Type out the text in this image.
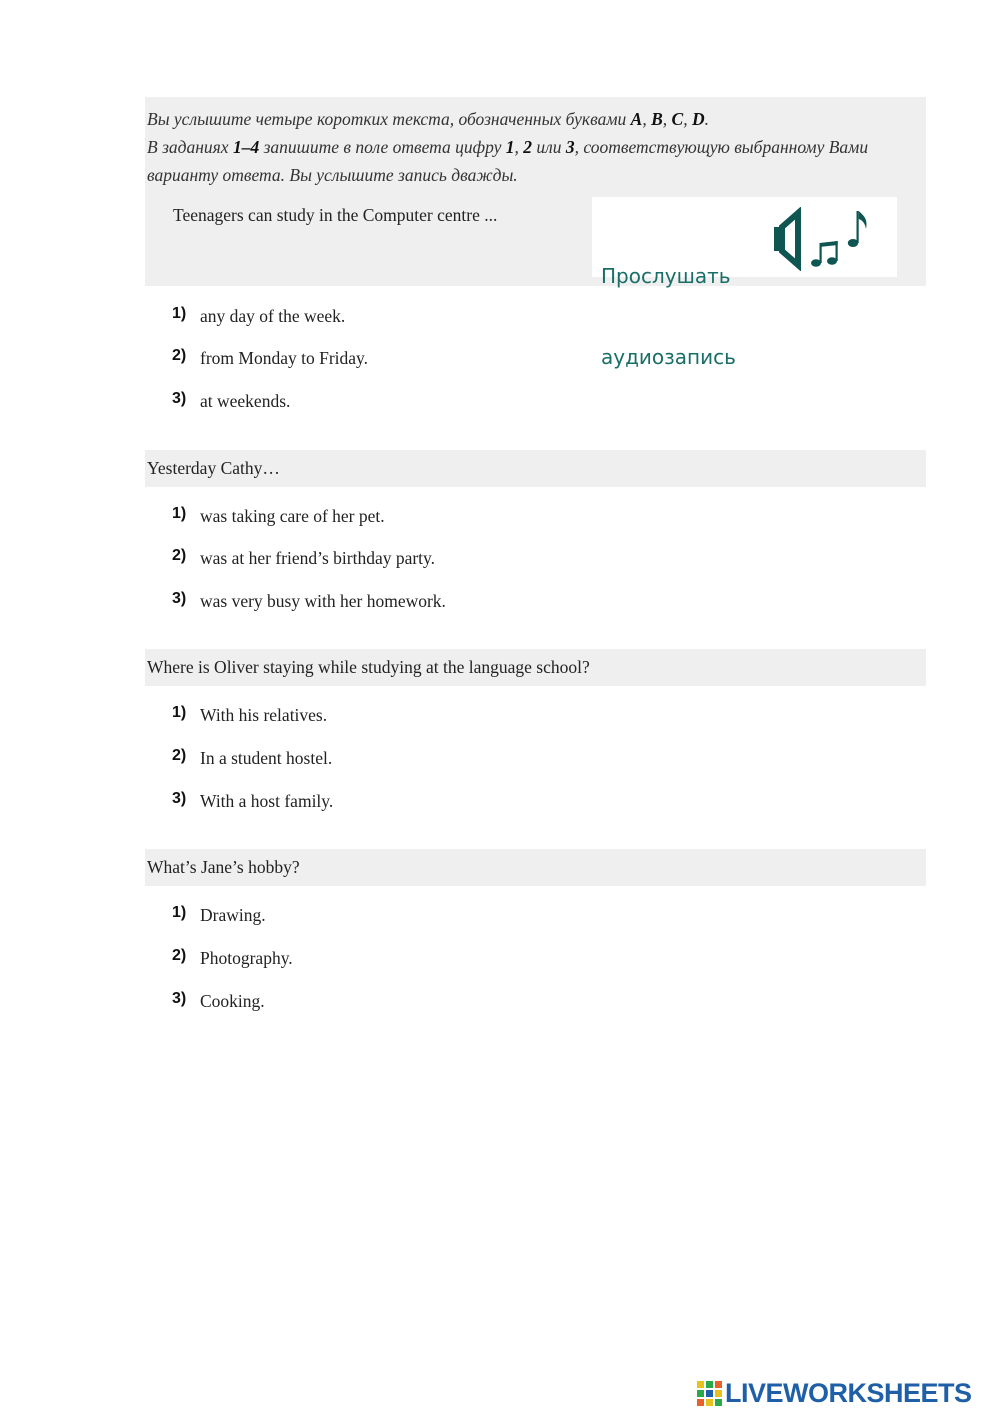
Вы услышите четыре коротких текста, обозначенных буквами A, B, C, D.
В заданиях 1–4 запишите в поле ответа цифру 1, 2 или 3, соответствующую выбранному Вами
варианту ответа. Вы услышите запись дважды.
Teenagers can study in the Computer centre ...

Прослушать

аудиозапись

1) any day of the week.
2) from Monday to Friday.
3) at weekends.
Yesterday Cathy…
1) was taking care of her pet.
2) was at her friend’s birthday party.
3) was very busy with her homework.
Where is Oliver staying while studying at the language school?
1) With his relatives.
2) In a student hostel.
3) With a host family.
What’s Jane’s hobby?
1) Drawing.
2) Photography.
3) Cooking.
LIVEWORKSHEETS
